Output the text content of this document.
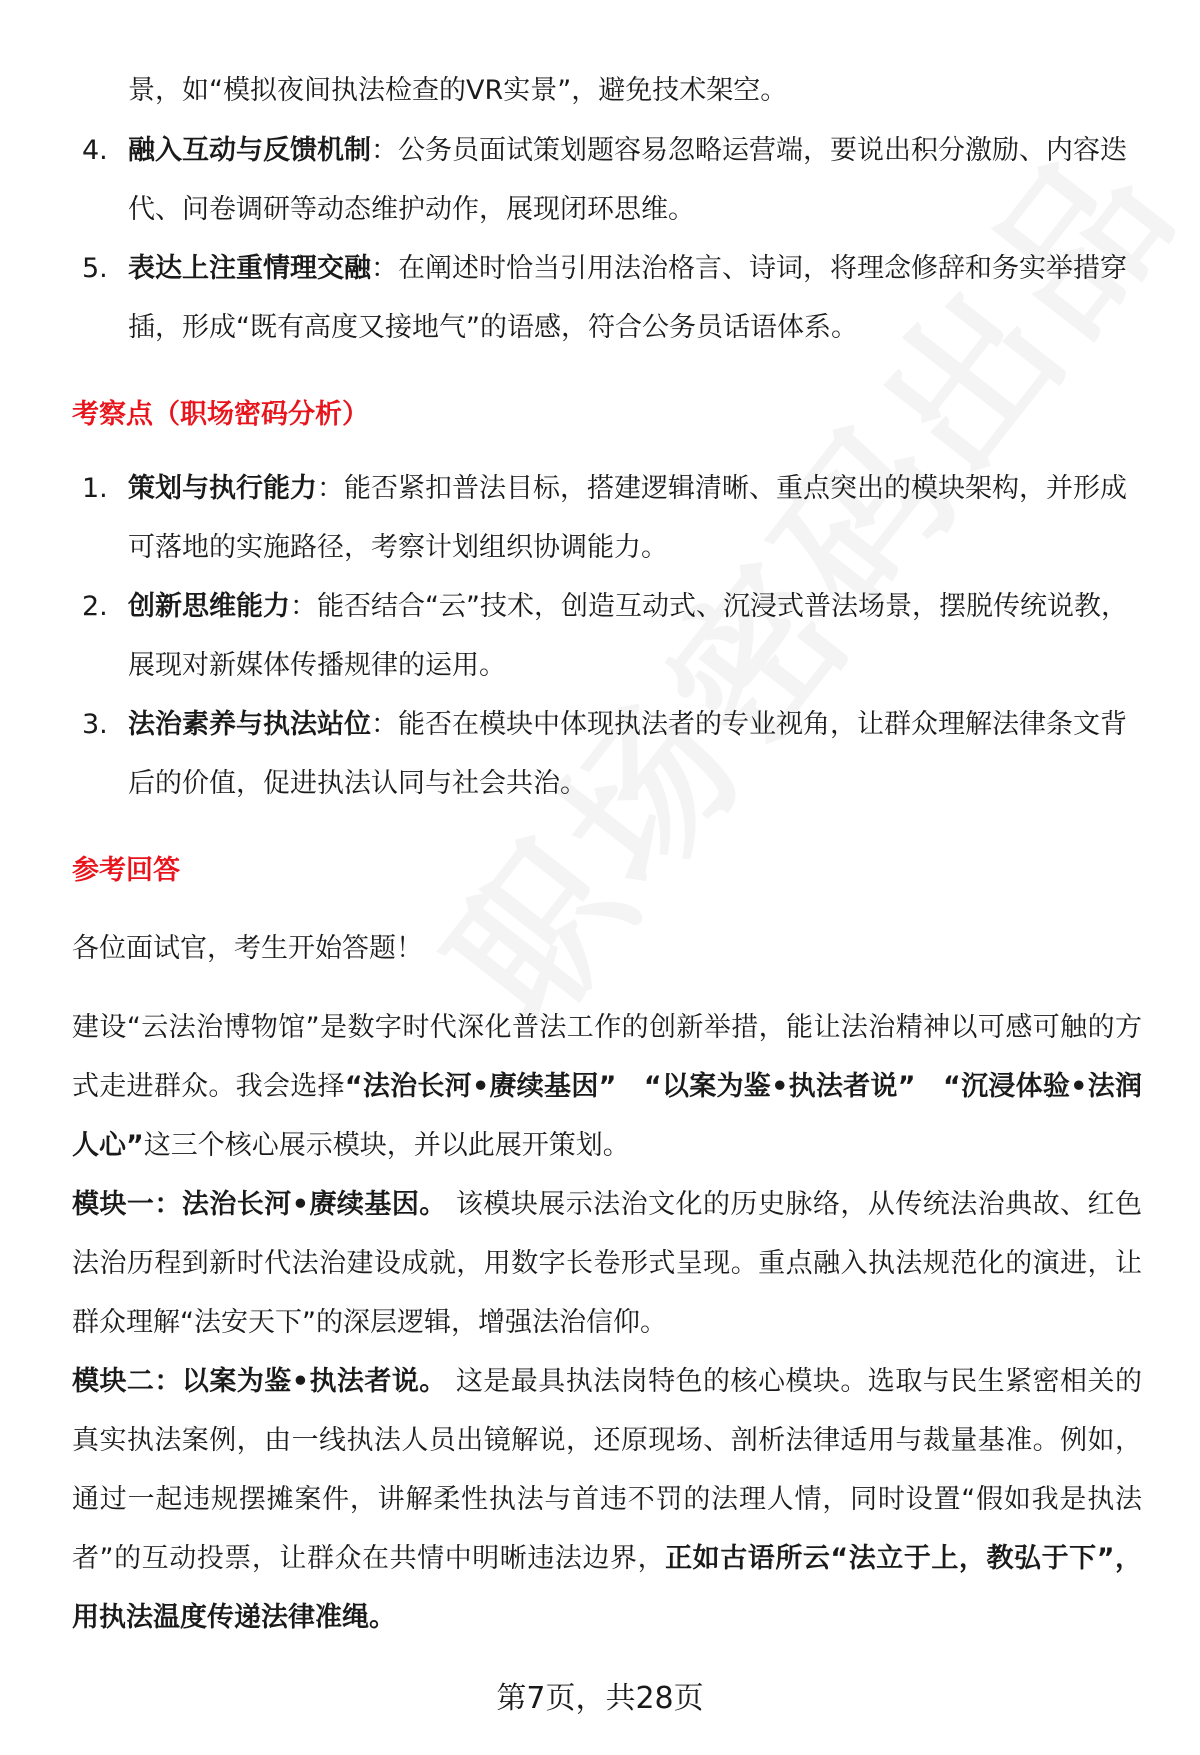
景，如“模拟夜间执法检查的VR实景”，避免技术架空。
4. 融入互动与反馈机制：公务员面试策划题容易忽略运营端，要说出积分激励、内容迭代、问卷调研等动态维护动作，展现闭环思维。
5. 表达上注重情理交融：在阐述时恰当引用法治格言、诗词，将理念修辞和务实举措穿插，形成“既有高度又接地气”的语感，符合公务员话语体系。
考察点（职场密码分析）
1. 策划与执行能力：能否紧扣普法目标，搭建逻辑清晰、重点突出的模块架构，并形成可落地的实施路径，考察计划组织协调能力。
2. 创新思维能力：能否结合“云”技术，创造互动式、沉浸式普法场景，摆脱传统说教，展现对新媒体传播规律的运用。
3. 法治素养与执法站位：能否在模块中体现执法者的专业视角，让群众理解法律条文背后的价值，促进执法认同与社会共治。
参考回答

各位面试官，考生开始答题！

建设“云法治博物馆”是数字时代深化普法工作的创新举措，能让法治精神以可感可触的方式走进群众。我会选择“法治长河•赓续基因”　“以案为鉴•执法者说”　“沉浸体验•法润人心”这三个核心展示模块，并以此展开策划。

模块一：法治长河•赓续基因。 该模块展示法治文化的历史脉络，从传统法治典故、红色法治历程到新时代法治建设成就，用数字长卷形式呈现。重点融入执法规范化的演进，让群众理解“法安天下”的深层逻辑，增强法治信仰。

模块二：以案为鉴•执法者说。 这是最具执法岗特色的核心模块。选取与民生紧密相关的真实执法案例，由一线执法人员出镜解说，还原现场、剖析法律适用与裁量基准。例如，通过一起违规摆摊案件，讲解柔性执法与首违不罚的法理人情，同时设置“假如我是执法者”的互动投票，让群众在共情中明晰违法边界，正如古语所云“法立于上，教弘于下”，用执法温度传递法律准绳。

第7页，共28页
